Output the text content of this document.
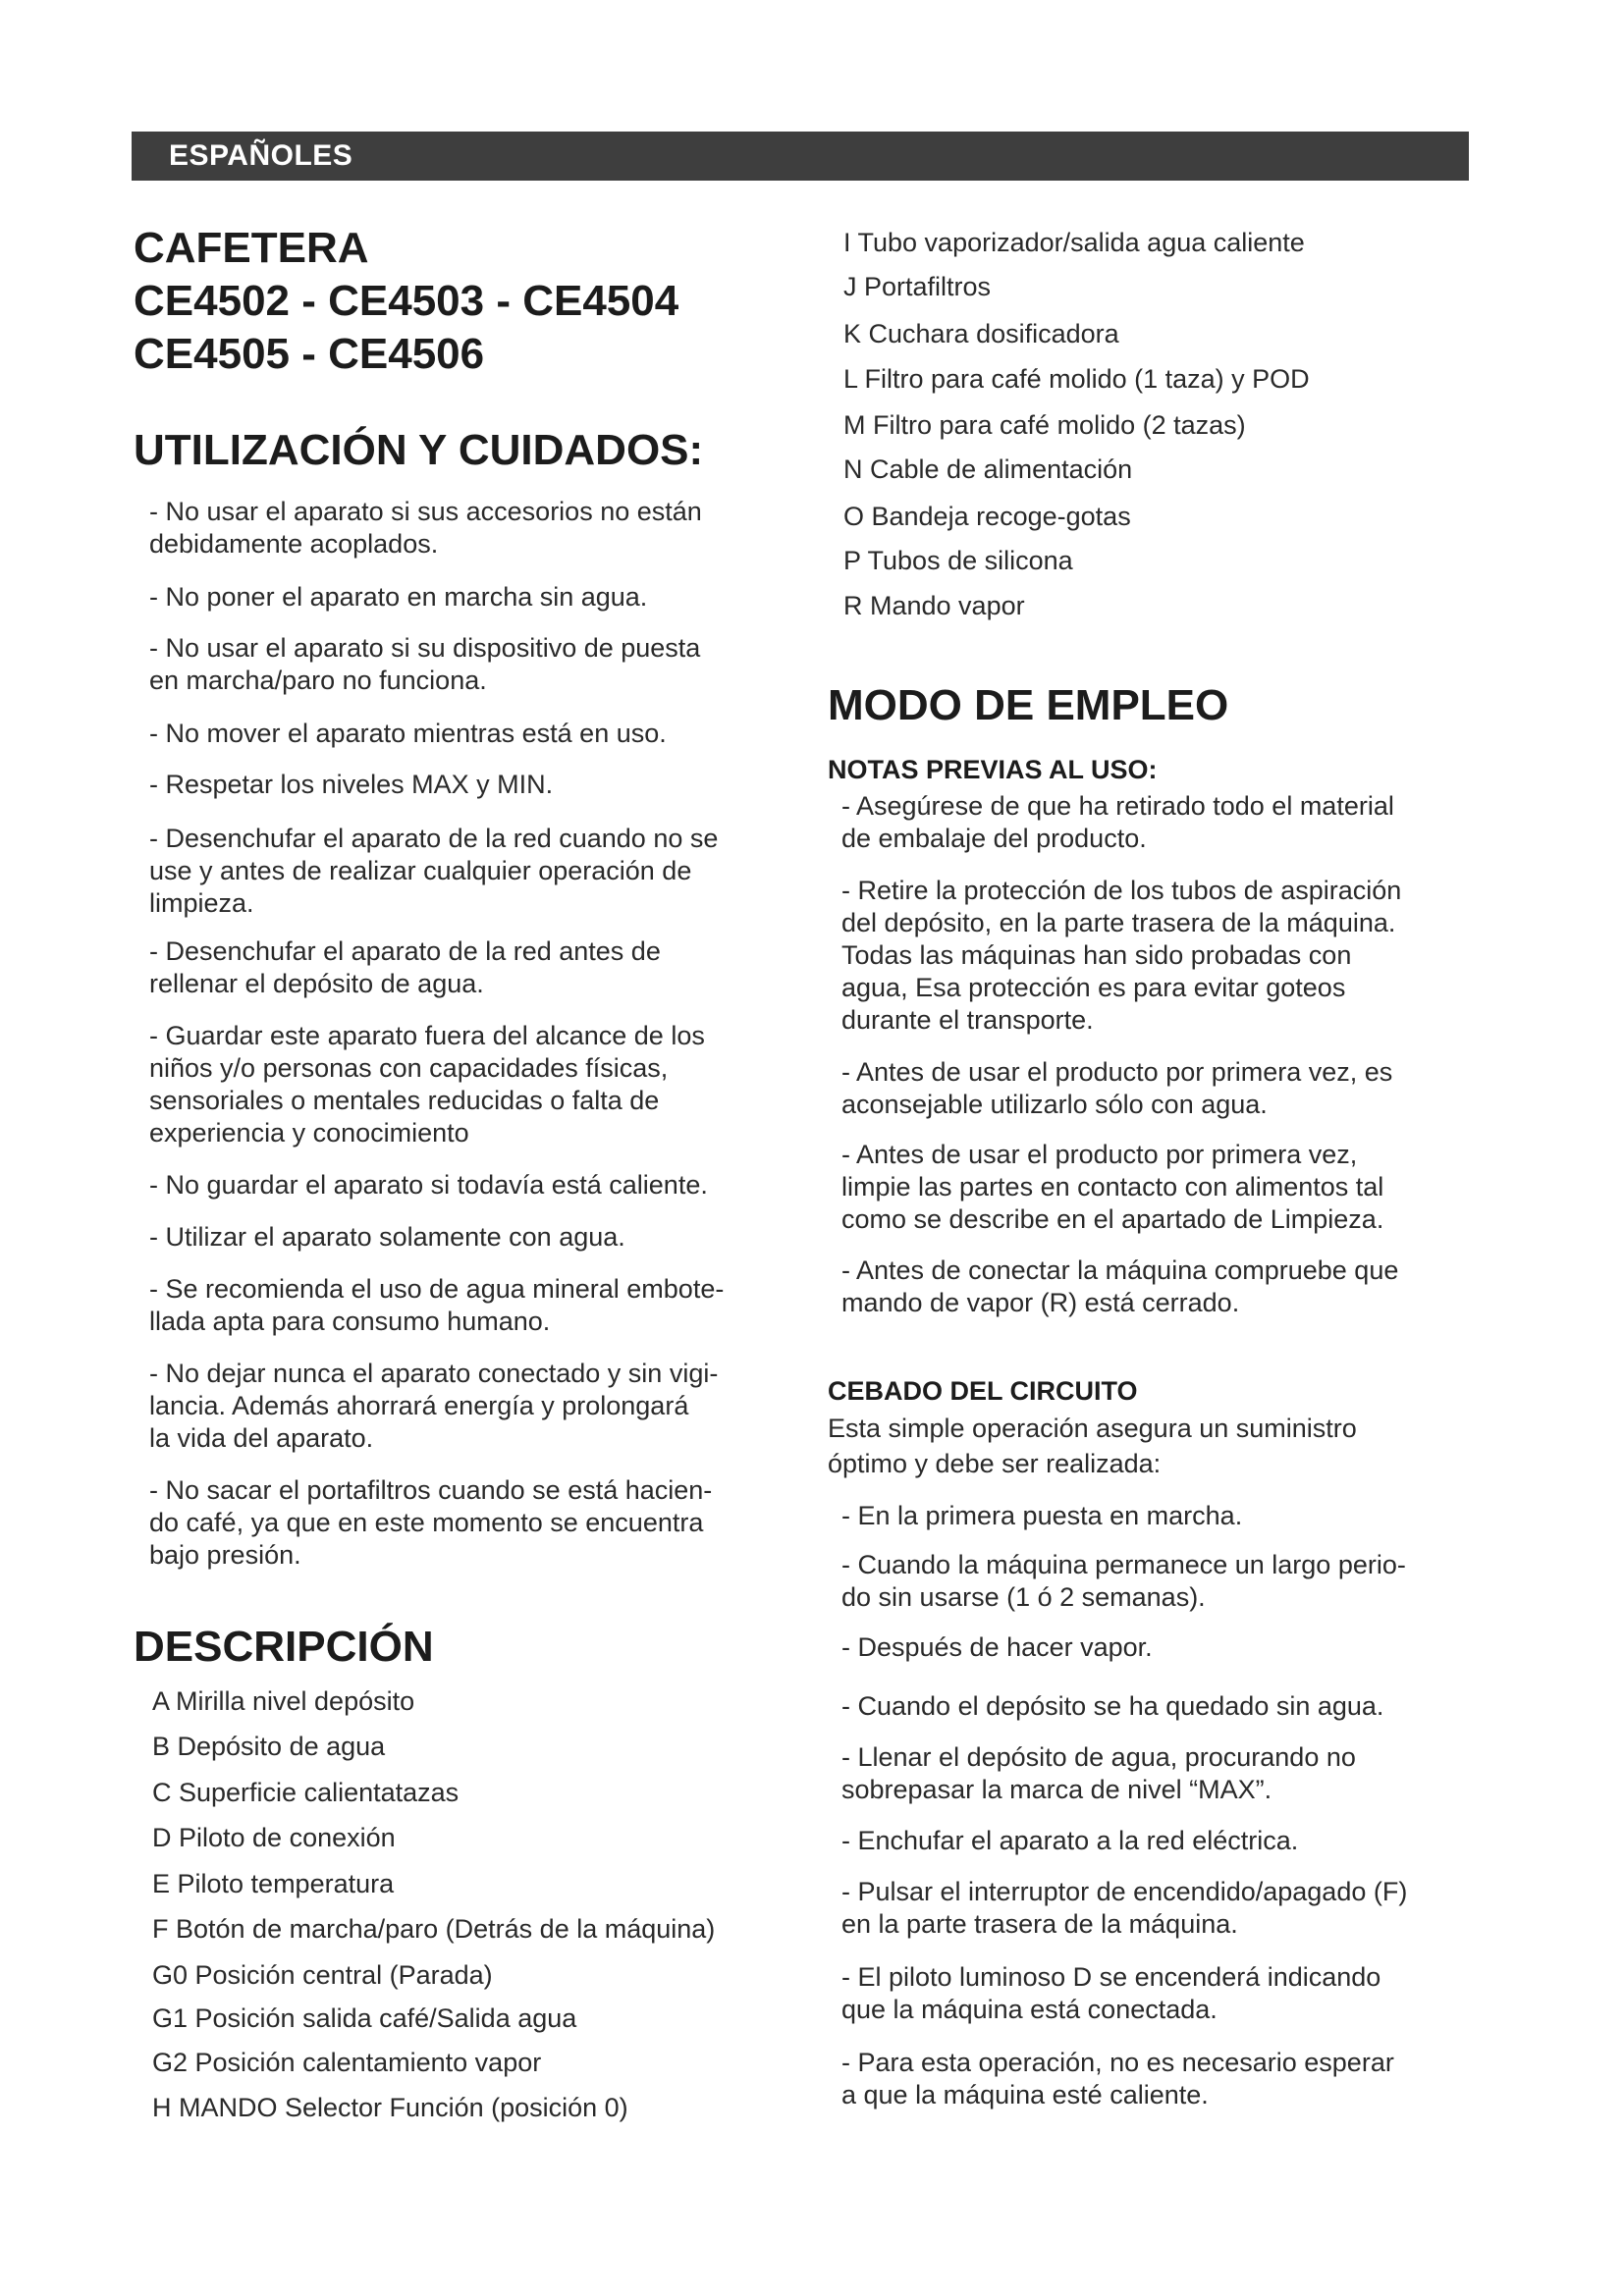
ESPAÑOLES
CAFETERA
CE4502 - CE4503 - CE4504
CE4505 - CE4506
UTILIZACIÓN Y CUIDADOS:
- No usar el aparato si sus accesorios no están
debidamente acoplados.
- No poner el aparato en marcha sin agua.
- No usar el aparato si su dispositivo de puesta
en marcha/paro no funciona.
- No mover el aparato mientras está en uso.
- Respetar los niveles MAX y MIN.
- Desenchufar el aparato de la red cuando no se
use y antes de realizar cualquier operación de
limpieza.
- Desenchufar el aparato de la red antes de
rellenar el depósito de agua.
- Guardar este aparato fuera del alcance de los
niños y/o personas con capacidades físicas,
sensoriales o mentales reducidas o falta de
experiencia y conocimiento
- No guardar el aparato si todavía está caliente.
- Utilizar el aparato solamente con agua.
- Se recomienda el uso de agua mineral embote-
llada apta para consumo humano.
- No dejar nunca el aparato conectado y sin vigi-
lancia. Además ahorrará energía y prolongará
la vida del aparato.
- No sacar el portafiltros cuando se está hacien-
do café, ya que en este momento se encuentra
bajo presión.
DESCRIPCIÓN
A Mirilla nivel depósito
B Depósito de agua
C Superficie calientatazas
D Piloto de conexión
E Piloto temperatura
F Botón de marcha/paro (Detrás de la máquina)
G0 Posición central (Parada)
G1 Posición salida café/Salida agua
G2 Posición calentamiento vapor
H MANDO Selector Función (posición 0)
I Tubo vaporizador/salida agua caliente
J Portafiltros
K Cuchara dosificadora
L Filtro para café molido (1 taza) y POD
M Filtro para café molido (2 tazas)
N Cable de alimentación
O Bandeja recoge-gotas
P Tubos de silicona
R Mando vapor
MODO DE EMPLEO
NOTAS PREVIAS AL USO:
- Asegúrese de que ha retirado todo el material
de embalaje del producto.
- Retire la protección de los tubos de aspiración
del depósito, en la parte trasera de la máquina.
Todas las máquinas han sido probadas con
agua, Esa protección es para evitar goteos
durante el transporte.
- Antes de usar el producto por primera vez, es
aconsejable utilizarlo sólo con agua.
- Antes de usar el producto por primera vez,
limpie las partes en contacto con alimentos tal
como se describe en el apartado de Limpieza.
- Antes de conectar la máquina compruebe que
mando de vapor (R) está cerrado.
CEBADO DEL CIRCUITO
Esta simple operación asegura un suministro
óptimo y debe ser realizada:
- En la primera puesta en marcha.
- Cuando la máquina permanece un largo perio-
do sin usarse (1 ó 2 semanas).
- Después de hacer vapor.
- Cuando el depósito se ha quedado sin agua.
- Llenar el depósito de agua, procurando no
sobrepasar la marca de nivel “MAX”.
- Enchufar el aparato a la red eléctrica.
- Pulsar el interruptor de encendido/apagado (F)
en la parte trasera de la máquina.
- El piloto luminoso D se encenderá indicando
que la máquina está conectada.
- Para esta operación, no es necesario esperar
a que la máquina esté caliente.
